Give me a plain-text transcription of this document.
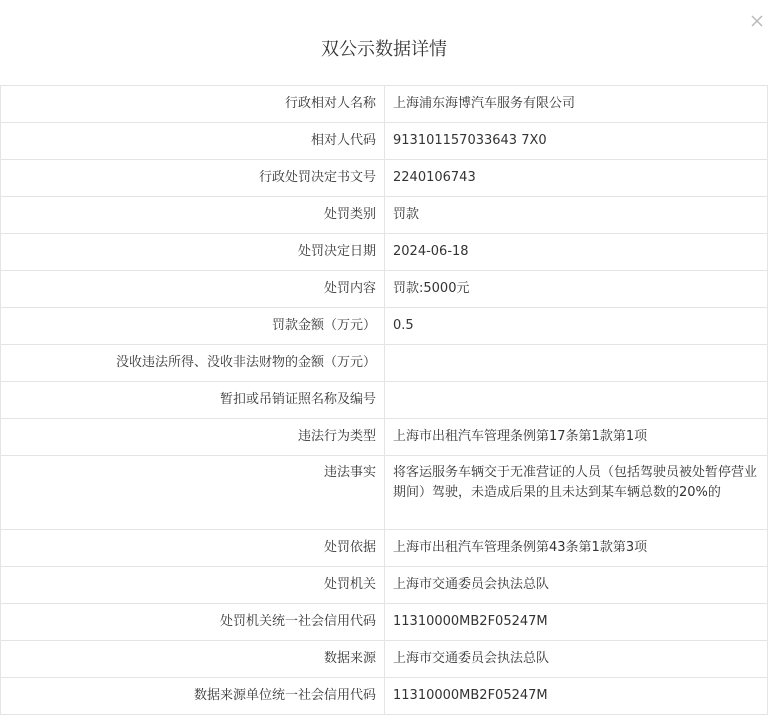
双公示数据详情
行政相对人名称	上海浦东海博汽车服务有限公司
相对人代码	913101157033643 7X0
行政处罚决定书文号	2240106743
处罚类别	罚款
处罚决定日期	2024-06-18
处罚内容	罚款:5000元
罚款金额（万元）	0.5
没收违法所得、没收非法财物的金额（万元）	
暂扣或吊销证照名称及编号	
违法行为类型	上海市出租汽车管理条例第17条第1款第1项
违法事实	将客运服务车辆交于无准营证的人员（包括驾驶员被处暂停营业期间）驾驶，未造成后果的且未达到某车辆总数的20%的
处罚依据	上海市出租汽车管理条例第43条第1款第3项
处罚机关	上海市交通委员会执法总队
处罚机关统一社会信用代码	11310000MB2F05247M
数据来源	上海市交通委员会执法总队
数据来源单位统一社会信用代码	11310000MB2F05247M
